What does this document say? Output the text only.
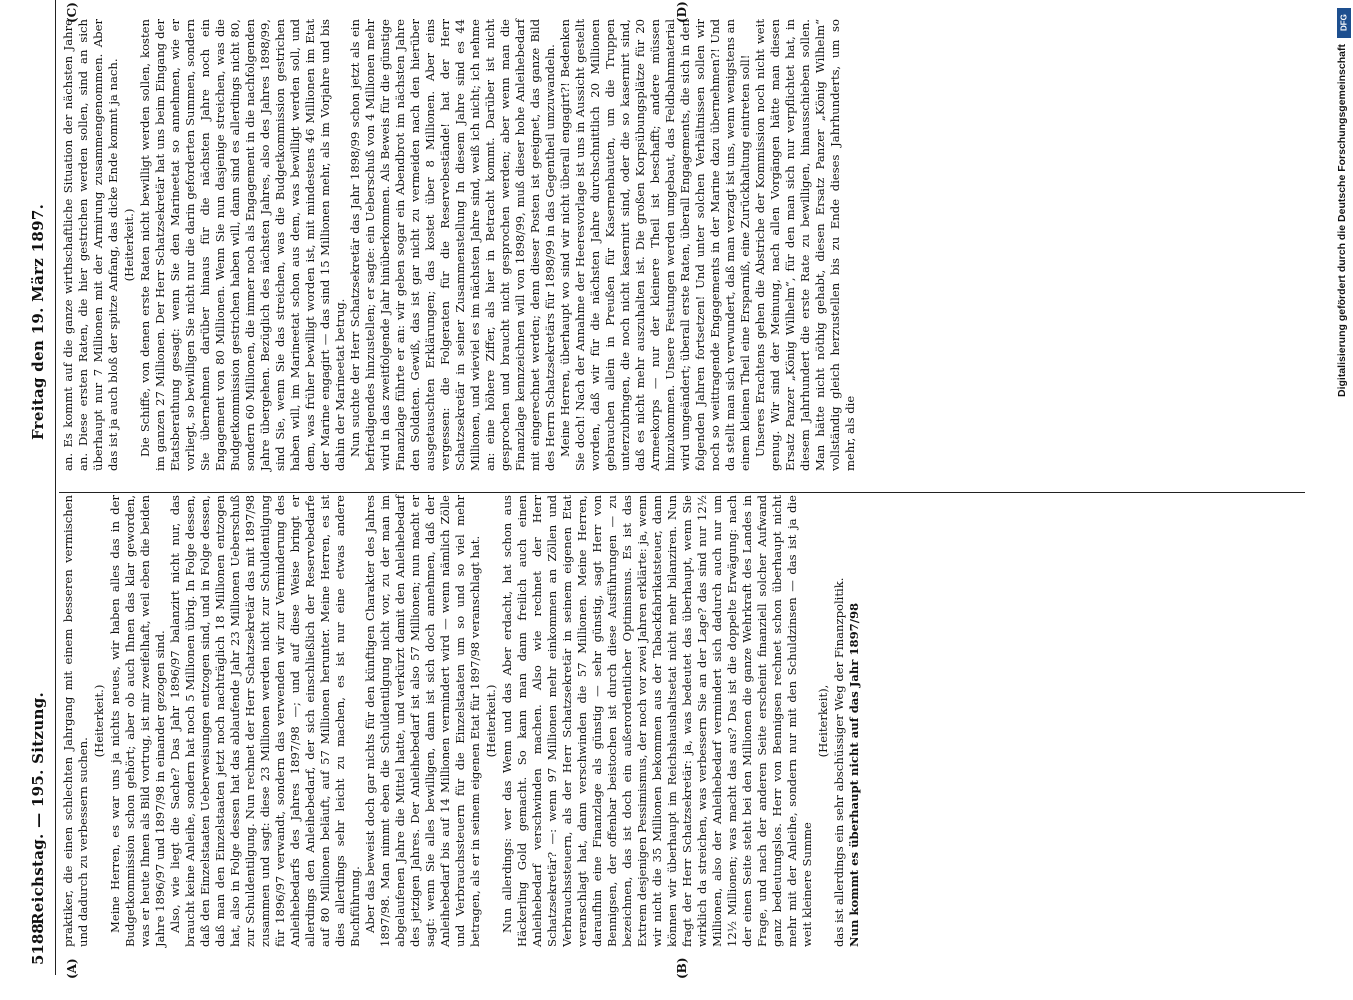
5188
Reichstag. — 195. Sitzung.
Freitag den 19. März 1897.
(A)	(B)
(C)	(D)

praktiker, die einen schlechten Jahrgang mit einem besseren vermischen und dadurch zu verbessern suchen.

(Heiterkeit.) Meine Herren, es war uns ja nichts neues, wir haben alles das in der Budgetkommission schon gehört; aber ob auch Ihnen das klar geworden, was er heute Ihnen als Bild vortrug, ist mir zweifelhaft, weil eben die beiden Jahre 1896/97 und 1897/98 in einander gezogen sind. Also, wie liegt die Sache? Das Jahr 1896/97 balanzirt nicht nur, das braucht keine Anleihe, sondern hat noch 5 Millionen übrig. In Folge dessen, daß den Einzelstaaten Ueberweisungen entzogen sind, und in Folge dessen, daß man den Einzelstaaten jetzt noch nachträglich 18 Millionen entzogen hat, also in Folge dessen hat das ablaufende Jahr 23 Millionen Ueberschuß zur Schuldentilgung. Nun rechnet der Herr Schatzsekretär das mit 1897/98 zusammen und sagt: diese 23 Millionen werden nicht zur Schuldentilgung für 1896/97 verwandt, sondern das verwenden wir zur Verminderung des Anleihebedarfs des Jahres 1897/98 —; und auf diese Weise bringt er allerdings den Anleihebedarf, der sich einschließlich der Reservebedarfe auf 80 Millionen beläuft, auf 57 Millionen herunter. Meine Herren, es ist dies allerdings sehr leicht zu machen, es ist nur eine etwas andere Buchführung. Aber das beweist doch gar nichts für den künftigen Charakter des Jahres 1897/98. Man nimmt eben die Schuldentilgung nicht vor, zu der man im abgelaufenen Jahre die Mittel hatte, und verkürzt damit den Anleihebedarf des jetzigen Jahres. Der Anleihebedarf ist also 57 Millionen; nun macht er sagt: wenn Sie alles bewilligen, dann ist sich doch annehmen, daß der Anleihebedarf bis auf 14 Millionen vermindert wird — wenn nämlich Zölle und Verbrauchssteuern für die Einzelstaaten um so und so viel mehr betragen, als er in seinem eigenen Etat für 1897/98 veranschlagt hat. (Heiterkeit.) Nun allerdings: wer das Wenn und das Aber erdacht, hat schon aus Häckerling Gold gemacht. So kann man dann freilich auch einen Anleihebedarf verschwinden machen. Also wie rechnet der Herr Schatzsekretär? —: wenn 97 Millionen mehr einkommen an Zöllen und Verbrauchssteuern, als der Herr Schatzsekretär in seinem eigenen Etat veranschlagt hat, dann verschwinden die 57 Millionen. Meine Herren, daraufhin eine Finanzlage als günstig — sehr günstig, sagt Herr von Bennigsen, der offenbar beistochen ist durch diese Ausführungen — zu bezeichnen, das ist doch ein außerordentlicher Optimismus. Es ist das Extrem desjenigen Pessimismus, der noch vor zwei Jahren erklärte: ja, wenn wir nicht die 35 Millionen bekommen aus der Tabackfabrikatsteuer, dann können wir überhaupt im Reichshaushaltsetat nicht mehr bilanziren. Nun fragt der Herr Schatzsekretär: ja, was bedeutet das überhaupt, wenn Sie wirklich da streichen, was verbessern Sie an der Lage? das sind nur 12½ Millionen, also der Anleihebedarf vermindert sich dadurch auch nur um 12½ Millionen; was macht das aus? Das ist die doppelte Erwägung: nach der einen Seite steht bei den Millionen die ganze Wehrkraft des Landes in Frage, und nach der anderen Seite erscheint finanziell solcher Aufwand ganz bedeutungslos. Herr von Bennigsen rechnet schon überhaupt nicht mehr mit der Anleihe, sondern nur mit den Schuldzinsen — das ist ja die weit kleinere Summe

(Heiterkeit), das ist allerdings ein sehr abschüssiger Weg der Finanzpolitik. Nun kommt es überhaupt nicht auf das Jahr 1897/98

an. Es kommt auf die ganze wirthschaftliche Situation der nächsten Jahre an. Diese ersten Raten, die hier gestrichen werden sollen, sind an sich überhaupt nur 7 Millionen mit der Armirung zusammengenommen. Aber das ist ja auch bloß der spitze Anfang, das dicke Ende kommt ja nach. (Heiterkeit.) Die Schiffe, von denen erste Raten nicht bewilligt werden sollen, kosten im ganzen 27 Millionen. Der Herr Schatzsekretär hat uns beim Eingang der Etatsberathung gesagt: wenn Sie den Marineetat so annehmen, wie er vorliegt, so bewilligen Sie nicht nur die darin geforderten Summen, sondern Sie übernehmen darüber hinaus für die nächsten Jahre noch ein Engagement von 80 Millionen. Wenn Sie nun dasjenige streichen, was die Budgetkommission gestrichen haben will, dann sind es allerdings nicht 80, sondern 60 Millionen, die immer noch als Engagement in die nachfolgenden Jahre übergehen. Bezüglich des nächsten Jahres, also des Jahres 1898/99, sind Sie, wenn Sie das streichen, was die Budgetkommission gestrichen haben will, im Marineetat schon aus dem, was bewilligt werden soll, und dem, was früher bewilligt worden ist, mit mindestens 46 Millionen im Etat der Marine engagirt — das sind 15 Millionen mehr, als im Vorjahre und bis dahin der Marineetat betrug. Nun suchte der Herr Schatzsekretär das Jahr 1898/99 schon jetzt als ein befriedigendes hinzustellen; er sagte: ein Ueberschuß von 4 Millionen mehr wird in das zweitfolgende Jahr hinüberkommen. Als Beweis für die günstige Finanzlage führte er an: wir geben sogar ein Abendbrot im nächsten Jahre den Soldaten. Gewiß, das ist gar nicht zu vermeiden nach den hierüber ausgetauschten Erklärungen; das kostet über 8 Millionen. Aber eins vergessen: die Folgeraten für die Reservebestände! hat der Herr Schatzsekretär in seiner Zusammenstellung In diesem Jahre sind es 44 Millionen, und wieviel es im nächsten Jahre sind, weiß ich nicht; ich nehme an: eine höhere Ziffer, als hier in Betracht kommt. Darüber ist nicht gesprochen und braucht nicht gesprochen werden; aber wenn man die Finanzlage kennzeichnen will von 1898/99, muß dieser hohe Anleihebedarf mit eingerechnet werden; denn dieser Posten ist geeignet, das ganze Bild des Herrn Schatzsekretärs für 1898/99 in das Gegentheil umzuwandeln. Meine Herren, überhaupt wo sind wir nicht überall engagirt?! Bedenken Sie doch! Nach der Annahme der Heeresvorlage ist uns in Aussicht gestellt worden, daß wir für die nächsten Jahre durchschnittlich 20 Millionen gebrauchen allein in Preußen für Kasernenbauten, um die Truppen unterzubringen, die noch nicht kasernirt sind, oder die so kasernirt sind, daß es nicht mehr auszuhalten ist. Die großen Korpsübungsplätze für 20 Armeekorps — nur der kleinere Theil ist beschafft; andere müssen hinzukommen. Unsere Festungen werden umgebaut, das Feldbahnmaterial wird umgeändert; überall erste Raten, überall Engagements, die sich in den folgenden Jahren fortsetzen! Und unter solchen Verhältnissen sollen wir noch so weittragende Engagements in der Marine dazu übernehmen?! Und da stellt man sich verwundert, daß man verzagt ist uns, wenn wenigstens an einem kleinen Theil eine Ersparniß, eine Zurückhaltung eintreten soll! Unseres Erachtens gehen die Abstriche der Kommission noch nicht weit genug. Wir sind der Meinung, nach allen Vorgängen hätte man diesen Ersatz Panzer „König Wilhelm“, für den man sich nur verpflichtet hat, in diesem Jahrhundert die erste Rate zu bewilligen, hinausschieben sollen. Man hätte nicht nöthig gehabt, diesen Ersatz Panzer „König Wilhelm“ vollständig gleich herzustellen bis zu Ende dieses Jahrhunderts, um so mehr, als die

DFG
Digitalisierung gefördert durch die Deutsche Forschungsgemeinschaft
